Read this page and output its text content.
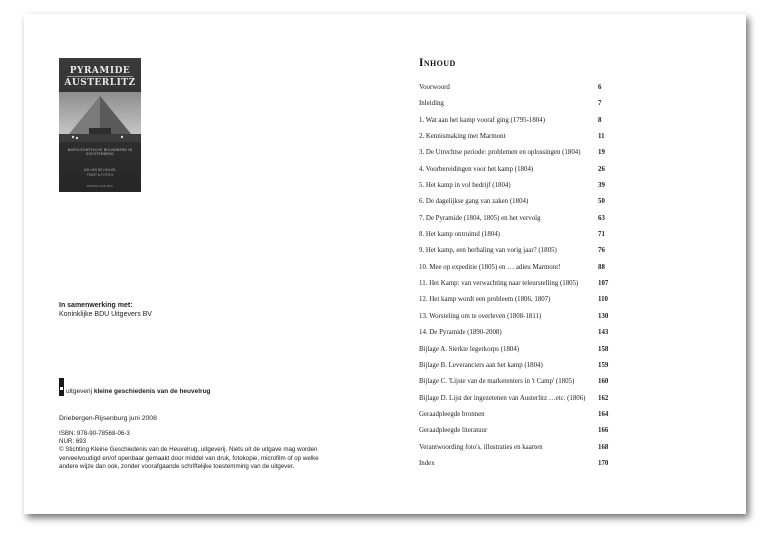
PYRAMIDE
AUSTERLITZ
NAPOLEONTISCHE BOUWWERK IN SOESTERBERG
JAN VAN DE HEUVEL
TEKST & FOTO'S
KONINKLIJKE BDU
In samenwerking met:
Koninklijke BDU Uitgevers BV
uitgeverij kleine geschiedenis van de heuvelrug
Driebergen-Rijsenburg juni 2008
ISBN: 978-90-78568-06-3
NUR: 693
© Stichting Kleine Geschiedenis van de Heuvelrug, uitgeverij. Niets uit de uitgave mag worden verveelvoudigd en/of openbaar gemaakt door middel van druk, fotokopie, microfilm of op welke andere wijze dan ook, zonder voorafgaande schriftelijke toestemming van de uitgever.
Inhoud
Voorwoord	6
Inleiding	7
1. Wat aan het kamp vooraf ging (1795-1804)	8
2. Kennismaking met Marmont	11
3. De Utrechtse periode: problemen en oplossingen (1804)	19
4. Voorbereidingen voor het kamp (1804)	26
5. Het kamp in vol bedrijf (1804)	39
6. De dagelijkse gang van zaken (1804)	50
7. De Pyramide (1804, 1805) en het vervolg	63
8. Het kamp ontruimd (1804)	71
9. Het kamp, een herhaling van vorig jaar? (1805)	76
10. Mee op expeditie (1805) en … adieu Marmont!	88
11. Het Kamp: van verwachting naar teleurstelling (1805)	107
12. Het kamp wordt een probleem (1806, 1807)	110
13. Worsteling om te overleven (1808-1811)	130
14. De Pyramide (1890-2008)	143
Bijlage A. Sterkte legerkorps (1804)	158
Bijlage B. Leveranciers aan het kamp (1804)	159
Bijlage C. 'Lijste van de marketenters in 't Camp' (1805)	160
Bijlage D. Lijst der ingezetenen van Austerlitz …etc. (1806) 162
Geraadpleegde bronnen	164
Geraadpleegde literatuur	166
Verantwoording foto's, illustraties en kaarten	168
Index	170
